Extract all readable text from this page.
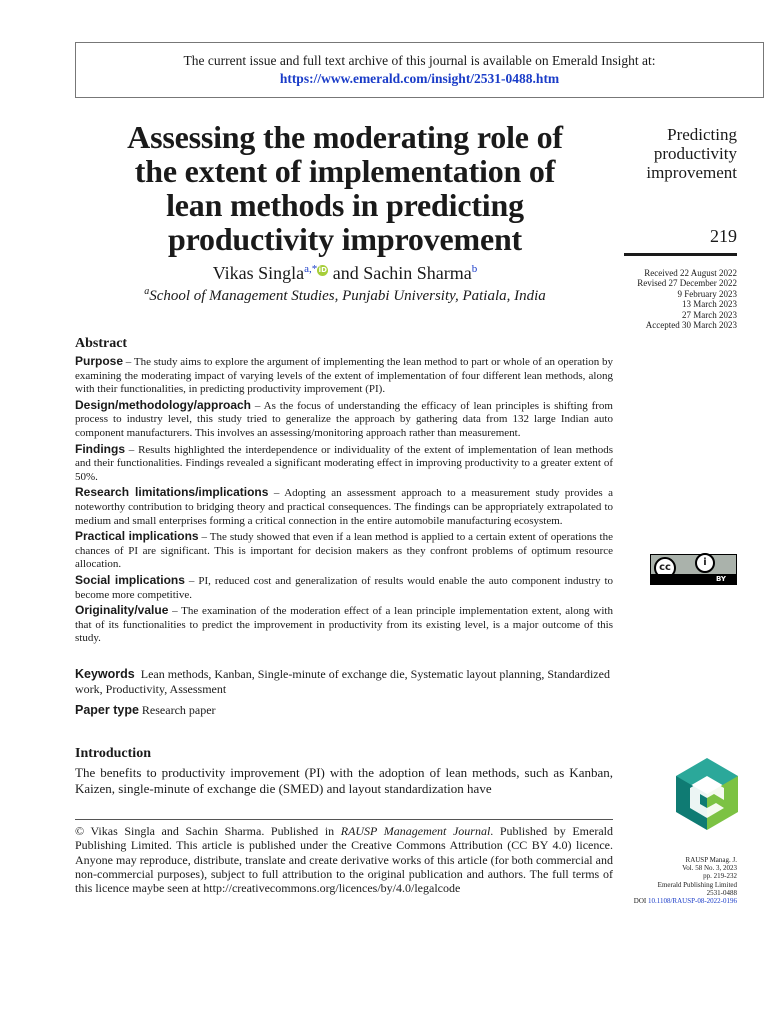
The current issue and full text archive of this journal is available on Emerald Insight at:
https://www.emerald.com/insight/2531-0488.htm
Assessing the moderating role of
the extent of implementation of
lean methods in predicting
productivity improvement
Vikas Singla$^{a,*}$iD and Sachin Sharma$^b$
$^a$School of Management Studies, Punjabi University, Patiala, India
Predicting
productivity
improvement
219
Received 22 August 2022
Revised 27 December 2022
9 February 2023
13 March 2023
27 March 2023
Accepted 30 March 2023
Abstract

Purpose – The study aims to explore the argument of implementing the lean method to part or whole of an operation by examining the moderating impact of varying levels of the extent of implementation of four different lean methods, along with their functionalities, in predicting productivity improvement (PI).

Design/methodology/approach – As the focus of understanding the efficacy of lean principles is shifting from process to industry level, this study tried to generalize the approach by gathering data from 132 large Indian auto component manufacturers. This involves an assessing/monitoring approach rather than measurement.

Findings – Results highlighted the interdependence or individuality of the extent of implementation of lean methods and their functionalities. Findings revealed a significant moderating effect in improving productivity to a greater extent of 50%.

Research limitations/implications – Adopting an assessment approach to a measurement study provides a noteworthy contribution to bridging theory and practical consequences. The findings can be appropriately extrapolated to medium and small enterprises forming a critical connection in the entire automobile manufacturing ecosystem.

Practical implications – The study showed that even if a lean method is applied to a certain extent of operations the chances of PI are significant. This is important for decision makers as they confront problems of optimum resource allocation.

Social implications – PI, reduced cost and generalization of results would enable the auto component industry to become more competitive.

Originality/value – The examination of the moderation effect of a lean principle implementation extent, along with that of its functionalities to predict the improvement in productivity from its existing level, is a major outcome of this study.

cc	i
BY
Keywords Lean methods, Kanban, Single-minute of exchange die, Systematic layout planning, Standardized work, Productivity, Assessment
Paper type Research paper
Introduction
The benefits to productivity improvement (PI) with the adoption of lean methods, such as Kanban, Kaizen, single-minute of exchange die (SMED) and layout standardization have
© Vikas Singla and Sachin Sharma. Published in RAUSP Management Journal. Published by Emerald Publishing Limited. This article is published under the Creative Commons Attribution (CC BY 4.0) licence. Anyone may reproduce, distribute, translate and create derivative works of this article (for both commercial and non-commercial purposes), subject to full attribution to the original publication and authors. The full terms of this licence maybe seen at http://creativecommons.org/licences/by/4.0/legalcode
RAUSP Manag. J.
Vol. 58 No. 3, 2023
pp. 219-232
Emerald Publishing Limited
2531-0488
DOI 10.1108/RAUSP-08-2022-0196
